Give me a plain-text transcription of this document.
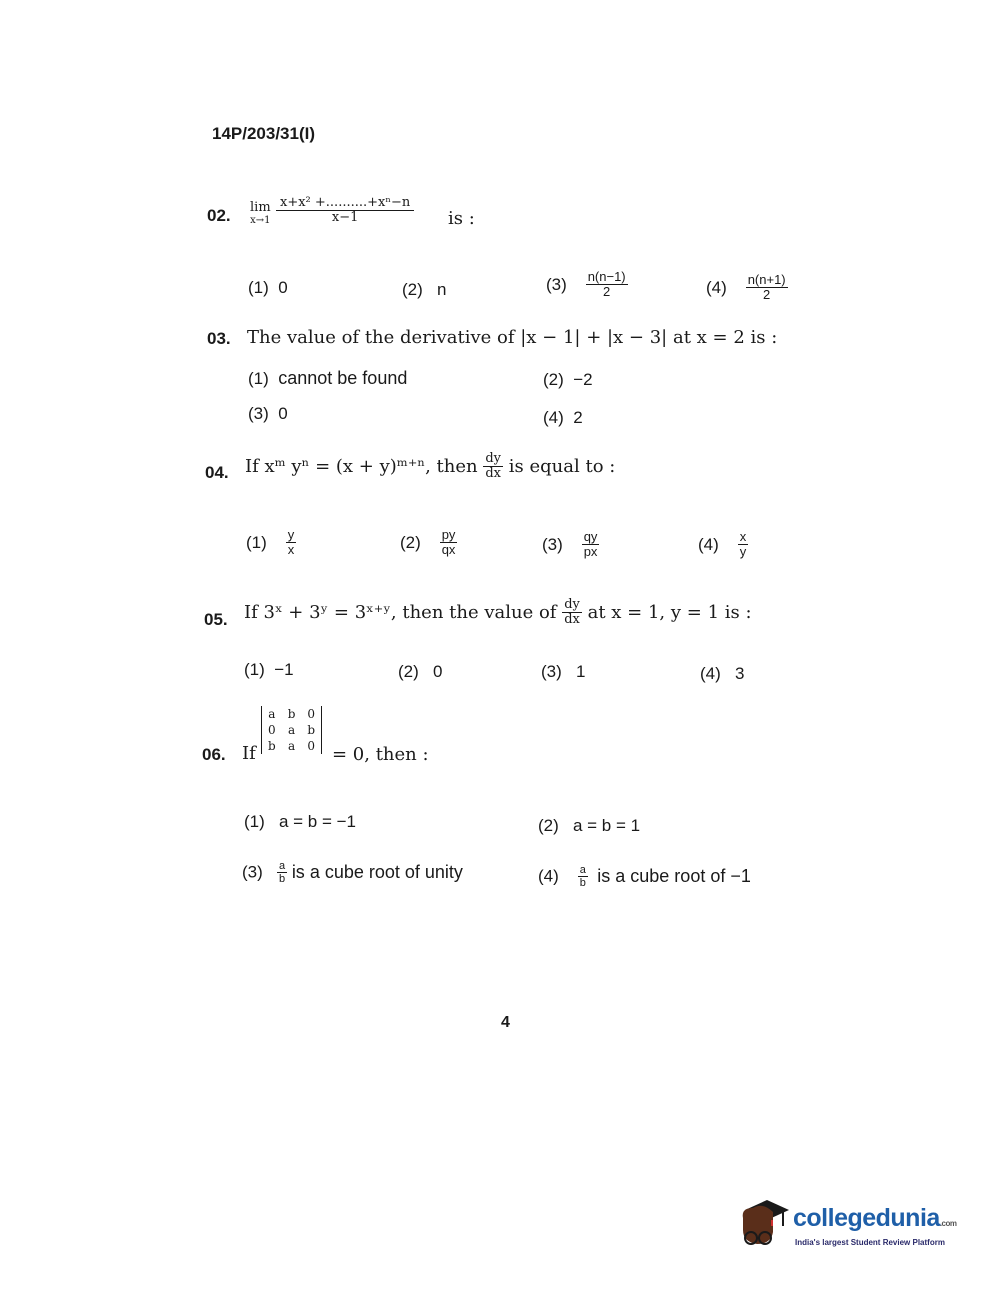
14P/203/31(I)
02. lim
$x\to 1 \frac{\text{x+x² +..........+xⁿ−n}}{x-1}$ is :
(1) 0	(2) n	$(3) \frac{n(n-1)}{2}$	$(4) \frac{n(n+1)}{2}$
03. The value of the derivative of |x − 1| + |x − 3| at x = 2 is :
(1) cannot be found	(2) −2
(3) 0	(4) 2
04. If xᵐ yⁿ = (x + y)ᵐ⁺ⁿ, then $\frac{dy}{dx}$ is equal to :
$(1) \frac{y}{x}$	$(2) \frac{py}{qx}$	$(3) \frac{qy}{px}$	$(4) \frac{x}{y}$
05. If 3ˣ + 3ʸ = 3ˣ⁺ʸ, then the value of $\frac{dy}{dx}$ at x = 1, y = 1 is :
(1) −1	(2) 0	(3) 1	(4) 3
06. If
a	b	0
0	a	b
b	a	0 = 0, then :
(1) a = b = −1	(2) a = b = 1
$(3) \frac{a}{b}$ is a cube root of unity	$(4) \frac{a}{b}$ is a cube root of −1
4
collegedunia.com
India's largest Student Review Platform
